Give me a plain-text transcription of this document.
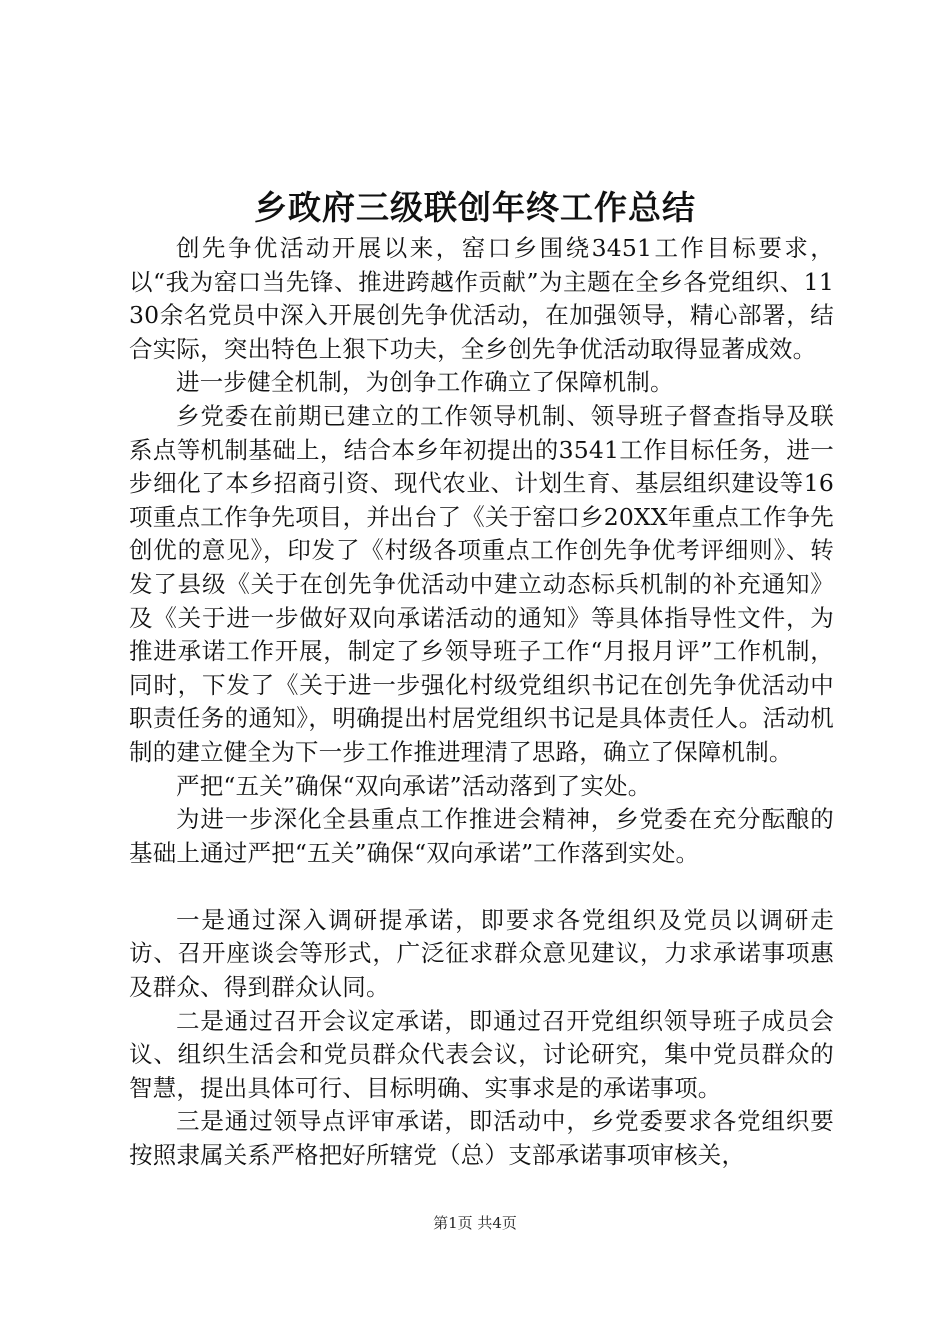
乡政府三级联创年终工作总结

创先争优活动开展以来，窑口乡围绕3451工作目标要求，以“我为窑口当先锋、推进跨越作贡献”为主题在全乡各党组织、1130余名党员中深入开展创先争优活动，在加强领导，精心部署，结合实际，突出特色上狠下功夫，全乡创先争优活动取得显著成效。

进一步健全机制，为创争工作确立了保障机制。

乡党委在前期已建立的工作领导机制、领导班子督查指导及联系点等机制基础上，结合本乡年初提出的3541工作目标任务，进一步细化了本乡招商引资、现代农业、计划生育、基层组织建设等16项重点工作争先项目，并出台了《关于窑口乡20XX年重点工作争先创优的意见》，印发了《村级各项重点工作创先争优考评细则》、转发了县级《关于在创先争优活动中建立动态标兵机制的补充通知》及《关于进一步做好双向承诺活动的通知》等具体指导性文件，为推进承诺工作开展，制定了乡领导班子工作“月报月评”工作机制，同时，下发了《关于进一步强化村级党组织书记在创先争优活动中职责任务的通知》，明确提出村居党组织书记是具体责任人。活动机制的建立健全为下一步工作推进理清了思路，确立了保障机制。

严把“五关”确保“双向承诺”活动落到了实处。

为进一步深化全县重点工作推进会精神，乡党委在充分酝酿的基础上通过严把“五关”确保“双向承诺”工作落到实处。

一是通过深入调研提承诺，即要求各党组织及党员以调研走访、召开座谈会等形式，广泛征求群众意见建议，力求承诺事项惠及群众、得到群众认同。

二是通过召开会议定承诺，即通过召开党组织领导班子成员会议、组织生活会和党员群众代表会议，讨论研究，集中党员群众的智慧，提出具体可行、目标明确、实事求是的承诺事项。

三是通过领导点评审承诺，即活动中，乡党委要求各党组织要按照隶属关系严格把好所辖党（总）支部承诺事项审核关，

第1页 共4页
